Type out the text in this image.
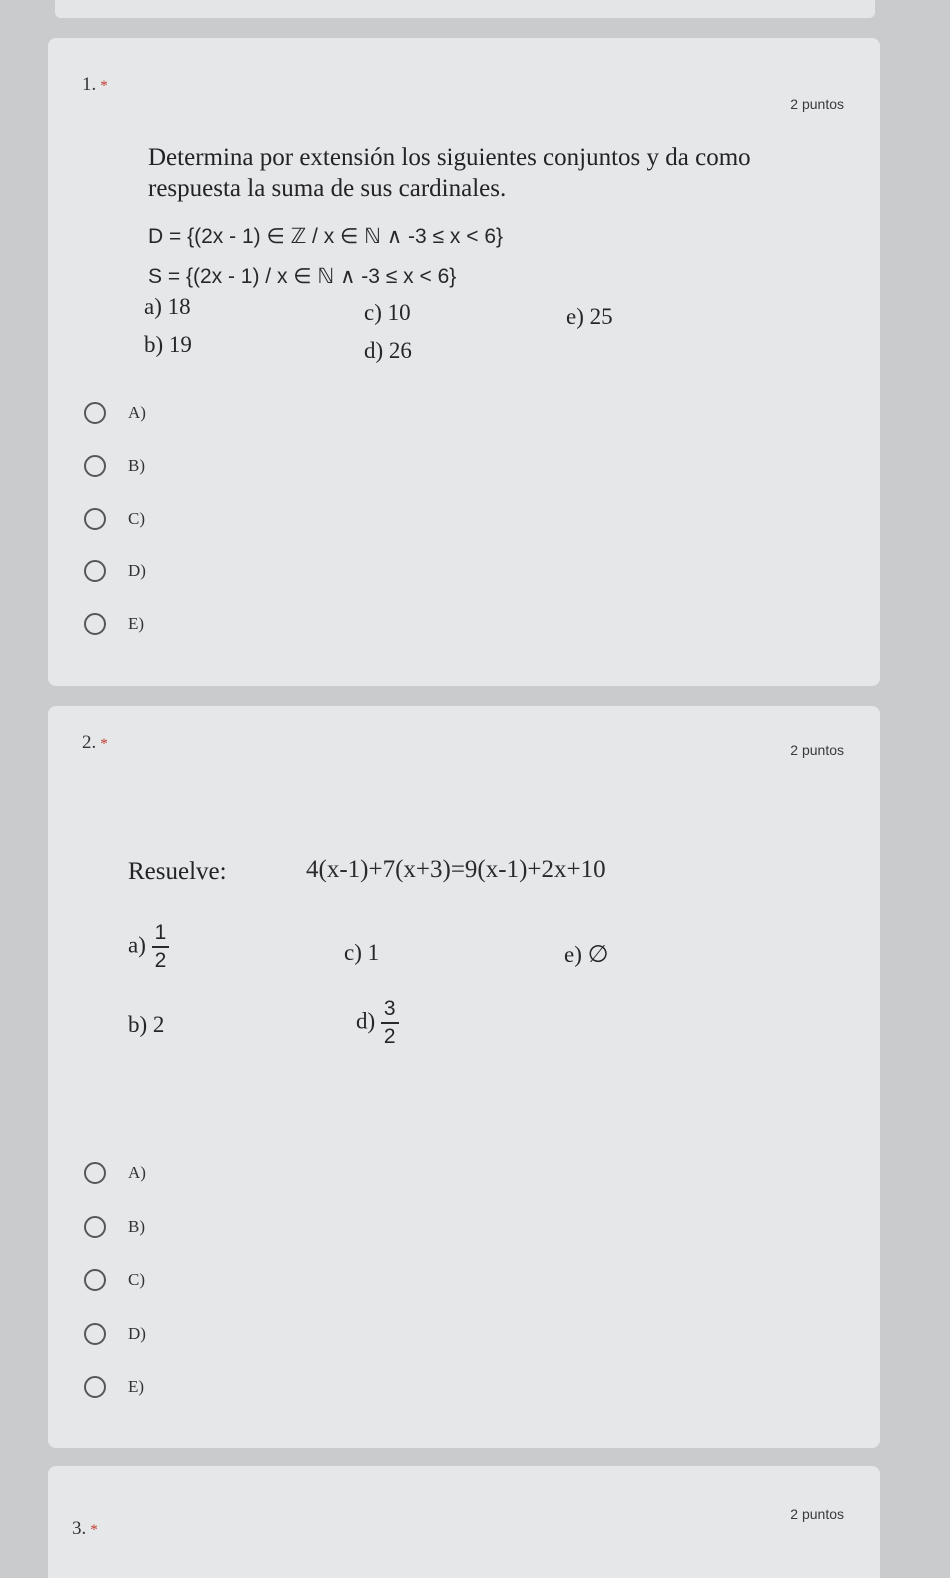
1. *
2 puntos
Determina por extensión los siguientes conjuntos y da como respuesta la suma de sus cardinales.
D = {(2x - 1) ∈ ℤ / x ∈ ℕ ∧ -3 ≤ x < 6}
S = {(2x - 1) / x ∈ ℕ ∧ -3 ≤ x < 6}
a) 18
b) 19
c) 10
d) 26
e) 25
A)
B)
C)
D)
E)
2. *	2 puntos
Resuelve:	4(x-1)+7(x+3)=9(x-1)+2x+10
$a) \frac{1}{2}$
b) 2
c) 1
$d) \frac{3}{2}$
e) ∅
A)
B)
C)
D)
E)
3. *
2 puntos
